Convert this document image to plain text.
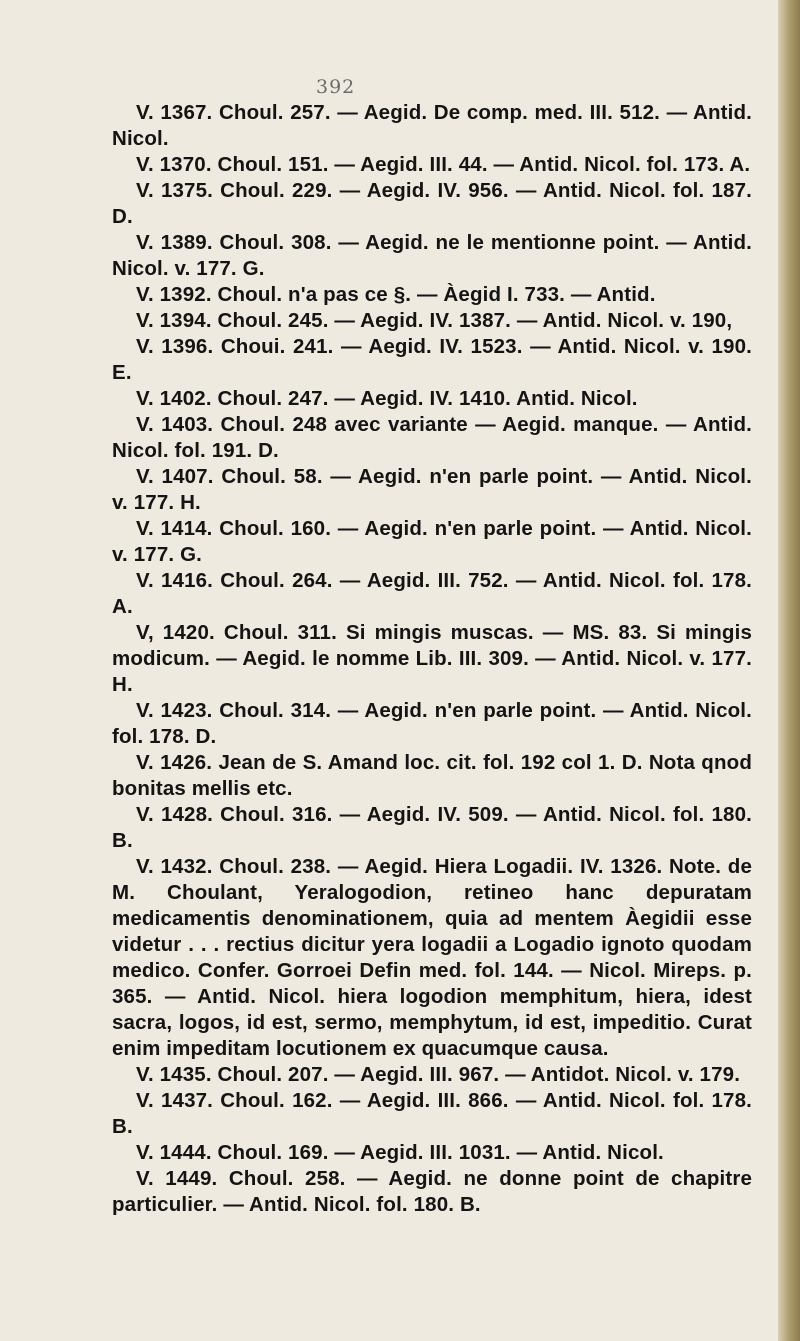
392

V. 1367. Choul. 257. — Aegid. De comp. med. III. 512. — Antid. Nicol.

V. 1370. Choul. 151. — Aegid. III. 44. — Antid. Nicol. fol. 173. A.

V. 1375. Choul. 229. — Aegid. IV. 956. — Antid. Nicol. fol. 187. D.

V. 1389. Choul. 308. — Aegid. ne le mentionne point. — Antid. Nicol. v. 177. G.

V. 1392. Choul. n'a pas ce §. — Àegid I. 733. — Antid.

V. 1394. Choul. 245. — Aegid. IV. 1387. — Antid. Nicol. v. 190,

V. 1396. Choui. 241. — Aegid. IV. 1523. — Antid. Nicol. v. 190. E.

V. 1402. Choul. 247. — Aegid. IV. 1410. Antid. Nicol.

V. 1403. Choul. 248 avec variante — Aegid. manque. — Antid. Nicol. fol. 191. D.

V. 1407. Choul. 58. — Aegid. n'en parle point. — Antid. Nicol. v. 177. H.

V. 1414. Choul. 160. — Aegid. n'en parle point. — Antid. Nicol. v. 177. G.

V. 1416. Choul. 264. — Aegid. III. 752. — Antid. Nicol. fol. 178. A.

V, 1420. Choul. 311. Si mingis muscas. — MS. 83. Si mingis modicum. — Aegid. le nomme Lib. III. 309. — Antid. Nicol. v. 177. H.

V. 1423. Choul. 314. — Aegid. n'en parle point. — Antid. Nicol. fol. 178. D.

V. 1426. Jean de S. Amand loc. cit. fol. 192 col 1. D. Nota qnod bonitas mellis etc.

V. 1428. Choul. 316. — Aegid. IV. 509. — Antid. Nicol. fol. 180. B.

V. 1432. Choul. 238. — Aegid. Hiera Logadii. IV. 1326. Note. de M. Choulant, Yeralogodion, retineo hanc depuratam medicamentis denominationem, quia ad mentem Àegidii esse videtur . . . rectius dicitur yera logadii a Logadio ignoto quodam medico. Confer. Gorroei Defin med. fol. 144. — Nicol. Mireps. p. 365. — Antid. Nicol. hiera logodion memphitum, hiera, idest sacra, logos, id est, sermo, memphytum, id est, impeditio. Curat enim impeditam locutionem ex quacumque causa.

V. 1435. Choul. 207. — Aegid. III. 967. — Antidot. Nicol. v. 179.

V. 1437. Choul. 162. — Aegid. III. 866. — Antid. Nicol. fol. 178. B.

V. 1444. Choul. 169. — Aegid. III. 1031. — Antid. Nicol.

V. 1449. Choul. 258. — Aegid. ne donne point de chapitre particulier. — Antid. Nicol. fol. 180. B.
